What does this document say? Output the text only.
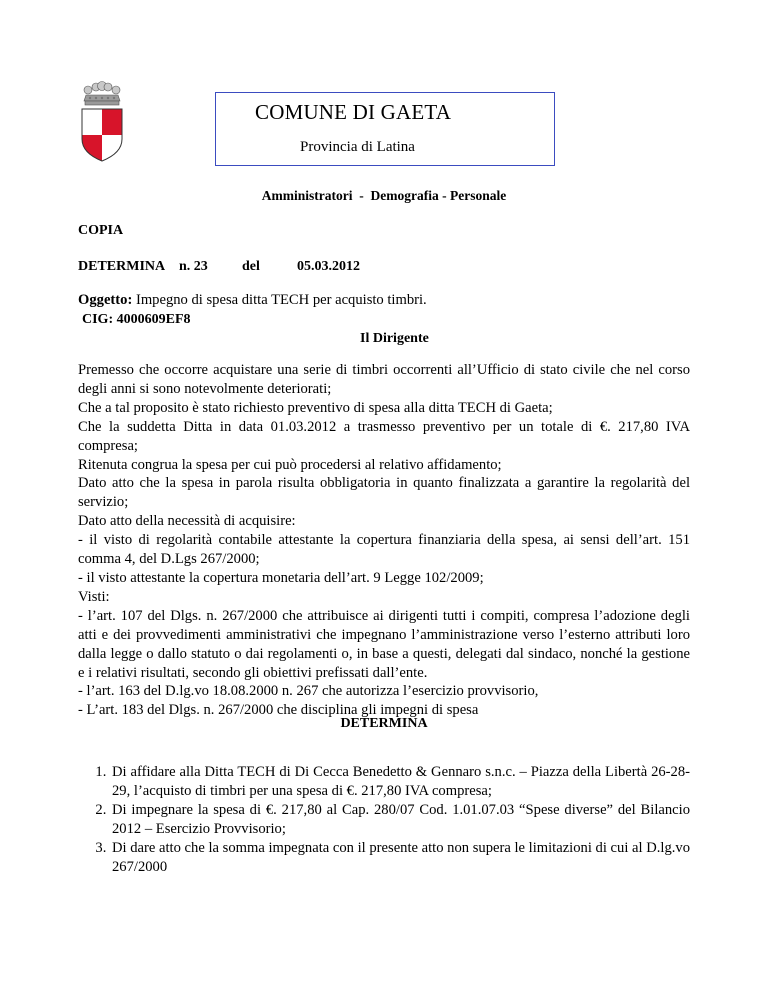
COMUNE DI GAETA
Provincia di Latina
Amministratori  -  Demografia - Personale
COPIA
DETERMINA n. 23 del	05.03.2012
Oggetto: Impegno di spesa ditta TECH per acquisto timbri.
CIG: 4000609EF8
Il Dirigente

Premesso che occorre acquistare una serie di timbri occorrenti all’Ufficio di stato civile che nel corso degli anni si sono notevolmente deteriorati;

Che a tal proposito è stato richiesto preventivo di spesa alla ditta TECH di Gaeta;

Che la suddetta Ditta in data 01.03.2012 a trasmesso preventivo per un totale di €. 217,80 IVA compresa;

Ritenuta congrua la spesa per cui può procedersi al relativo affidamento;

Dato atto che la spesa in parola risulta obbligatoria in quanto finalizzata a garantire la regolarità del servizio;

Dato atto della necessità di acquisire:

- il visto di regolarità contabile attestante la copertura finanziaria della spesa, ai sensi dell’art. 151 comma 4, del D.Lgs 267/2000;

- il visto attestante la copertura monetaria dell’art. 9 Legge 102/2009;

Visti:

- l’art. 107 del Dlgs. n. 267/2000 che attribuisce ai dirigenti tutti i compiti, compresa l’adozione degli atti e dei provvedimenti amministrativi che impegnano l’amministrazione verso l’esterno attributi loro dalla legge o dallo statuto o dai regolamenti o, in base a questi, delegati dal sindaco, nonché la gestione e i relativi risultati, secondo gli obiettivi prefissati dall’ente.

- l’art. 163 del D.lg.vo 18.08.2000 n. 267 che autorizza l’esercizio provvisorio,

- L’art. 183 del Dlgs. n. 267/2000 che disciplina gli impegni di spesa

DETERMINA
1. Di affidare alla Ditta TECH di Di Cecca Benedetto & Gennaro s.n.c. – Piazza della Libertà 26-28-29, l’acquisto di timbri per una spesa di €. 217,80 IVA compresa;
2. Di impegnare la spesa di €. 217,80 al Cap. 280/07 Cod. 1.01.07.03 “Spese diverse” del Bilancio 2012 – Esercizio Provvisorio;
3. Di dare atto che la somma impegnata con il presente atto non supera le limitazioni di cui al D.lg.vo 267/2000
